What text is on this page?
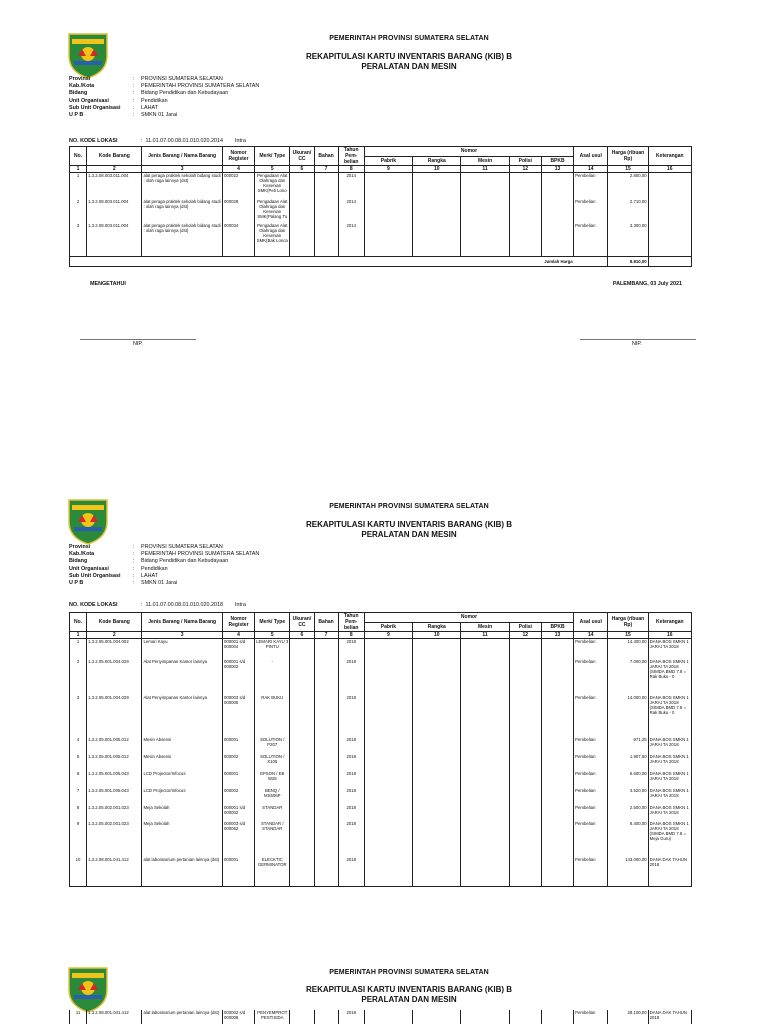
PEMERINTAH PROVINSI SUMATERA SELATAN
REKAPITULASI KARTU INVENTARIS BARANG (KIB) B
PERALATAN DAN MESIN
Provinsi	:	PROVINSI SUMATERA SELATAN
Kab./Kota	:	PEMERINTAH PROVINSI SUMATERA SELATAN
Bidang	:	Bidang Pendidikan dan Kebudayaan
Unit Organisasi	:	Pendidikan
Sub Unit Organisasi	:	LAHAT
U P B	:	SMKN 01 Jarai
NO. KODE LOKASI	:  11.01.07.00.08.01.010.020.2014 Intra
No.	Kode Barang	Jenis Barang / Nama Barang	Nomor Register	Merk/ Type	Ukuran/ CC	Bahan	Tahun Pem- belian	Nomor					Asal usul	Harga (ribuan Rp)	Keterangan
								Pabrik	Rangka	Mesin	Polisi	BPKB			
1	2	3	4	5	6	7	8	9	10	11	12	13	14	15	16
1	1.3.2.08.003.011.004	alat peraga praktek sekolah bidang studi : olah raga lainnya (dst)	000022	Pengadaan Alat Olahraga dan Kesenian SMK(Peti Lono			2014						Pembelian	2.800,00	
2	1.3.2.08.003.011.004	alat peraga praktek sekolah bidang studi : olah raga lainnya (dst)	000028	Pengadaan Alat Olahraga dan Kesenian SMK(Palang Tu			2014						Pembelian	2.710,00	
3	1.3.2.08.003.011.004	alat peraga praktek sekolah bidang studi : olah raga lainnya (dst)	000034	Pengadaan Alat Olahraga dan Kesenian SMK(Bak Lonca			2014						Pembelian	3.300,00	
Jumlah Harga														8.810,00	
MENGETAHUI	PALEMBANG, 03 July 2021
NIP.	NIP.
PEMERINTAH PROVINSI SUMATERA SELATAN
REKAPITULASI KARTU INVENTARIS BARANG (KIB) B
PERALATAN DAN MESIN
Provinsi	:	PROVINSI SUMATERA SELATAN
Kab./Kota	:	PEMERINTAH PROVINSI SUMATERA SELATAN
Bidang	:	Bidang Pendidikan dan Kebudayaan
Unit Organisasi	:	Pendidikan
Sub Unit Organisasi	:	LAHAT
U P B	:	SMKN 01 Jarai
NO. KODE LOKASI	:  11.01.07.00.08.01.010.020.2018 Intra
No.	Kode Barang	Jenis Barang / Nama Barang	Nomor Register	Merk/ Type	Ukuran/ CC	Bahan	Tahun Pem- belian	Nomor					Asal usul	Harga (ribuan Rp)	Keterangan
								Pabrik	Rangka	Mesin	Polisi	BPKB			
1	2	3	4	5	6	7	8	9	10	11	12	13	14	15	16
1	1.3.2.05.001.004.002	Lemari Kayu	000001 s/d 000004	LEMARI KAYU 3 PINTU			2018						Pembelian	14.400,00	DANA BOS SMKN 1 JARAI TA 2018
2	1.3.2.05.001.004.029	Alat Penyimpanan Kantor lainnya	000001 s/d 000002	-			2018						Pembelian	7.000,00	DANA BOS SMKN 1 JARAI TA 2018 (SIMDA BMD 7.8 = Rak Buku - 0
3	1.3.2.05.001.004.029	Alat Penyimpanan Kantor lainnya	000003 s/d 000006	RAK BUKU			2018						Pembelian	14.000,00	DANA BOS SMKN 1 JARAI TA 2018 (SIMDA BMD 7.8 = Rak Buku - 0
4	1.3.2.05.001.005.012	Mesin Absensi	000001	SOLUTION / P207			2018						Pembelian	971,25	DANA BOS SMKN 1 JARAI TA 2018
5	1.3.2.05.001.005.012	Mesin Absensi	000002	SOLUTION / X105			2018						Pembelian	1.907,50	DANA BOS SMKN 1 JARAI TA 2018
6	1.3.2.05.001.005.043	LCD Projector/Infocus	000001	EPSON / EB W28			2018						Pembelian	6.600,00	DANA BOS SMKN 1 JARAI TA 2018
7	1.3.2.05.001.005.043	LCD Projector/Infocus	000002	BENQ / MS506P			2018						Pembelian	4.520,00	DANA BOS SMKN 1 JARAI TA 2018
8	1.3.2.05.002.001.023	Meja Sekolah	000001 s/d 000002	STANDAR			2018						Pembelian	2.500,00	DANA BOS SMKN 1 JARAI TA 2018
9	1.3.2.05.002.001.023	Meja Sekolah	000003 s/d 000052	STANDAR / STANDAR			2018						Pembelian	8.400,00	DANA BOS SMKN 1 JARAI TA 2018 (SIMDA BMD 7.8 = Meja Guru)
10	1.3.2.08.001.041.412	alat laboratorium pertanian lainnya (dst)	000001	ELECKTIC GERMINATOR			2018						Pembelian	143.000,00	DANA DAK TAHUN 2018
PEMERINTAH PROVINSI SUMATERA SELATAN
REKAPITULASI KARTU INVENTARIS BARANG (KIB) B
PERALATAN DAN MESIN
11	1.3.2.08.001.041.412	alat laboratorium pertanian lainnya (dst)	000002 s/d 000008	PENYEMPROT PESTISIDA			2018						Pembelian	28.100,00	DANA DAK TAHUN 2018
